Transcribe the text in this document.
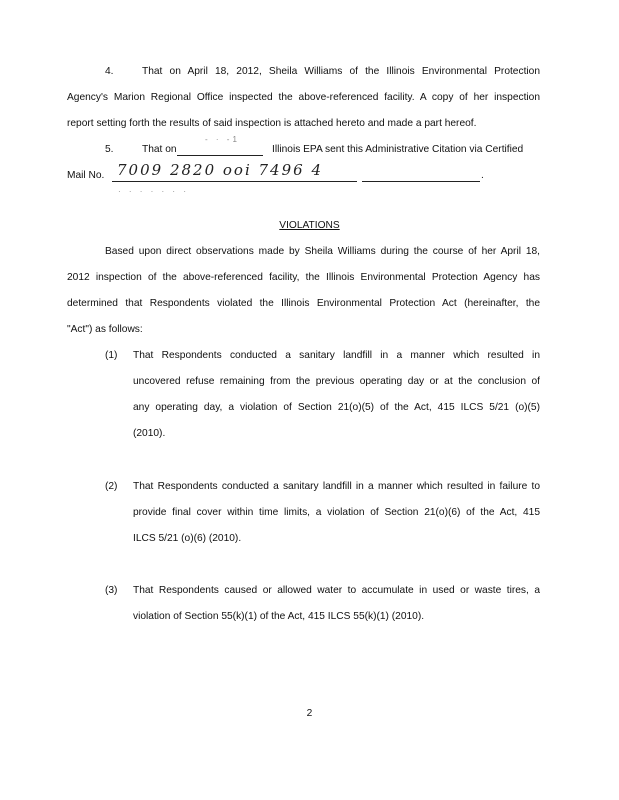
4.	That on April 18, 2012, Sheila Williams of the Illinois Environmental Protection
Agency's Marion Regional Office inspected the above-referenced facility. A copy of her inspection
report setting forth the results of said inspection is attached hereto and made a part hereof.
5.	That on	Illinois EPA sent this Administrative Citation via Certified
- · -1
Mail No. 7009 2820 ooi 7496 4	.
· · · · · · ·
VIOLATIONS
Based upon direct observations made by Sheila Williams during the course of her April 18,
2012 inspection of the above-referenced facility, the Illinois Environmental Protection Agency has
determined that Respondents violated the Illinois Environmental Protection Act (hereinafter, the
"Act") as follows:
(1) That Respondents conducted a sanitary landfill in a manner which resulted in
uncovered refuse remaining from the previous operating day or at the conclusion of
any operating day, a violation of Section 21(o)(5) of the Act, 415 ILCS 5/21 (o)(5)
(2010).
(2) That Respondents conducted a sanitary landfill in a manner which resulted in failure to
provide final cover within time limits, a violation of Section 21(o)(6) of the Act, 415
ILCS 5/21 (o)(6) (2010).
(3) That Respondents caused or allowed water to accumulate in used or waste tires, a
violation of Section 55(k)(1) of the Act, 415 ILCS 55(k)(1) (2010).
2
